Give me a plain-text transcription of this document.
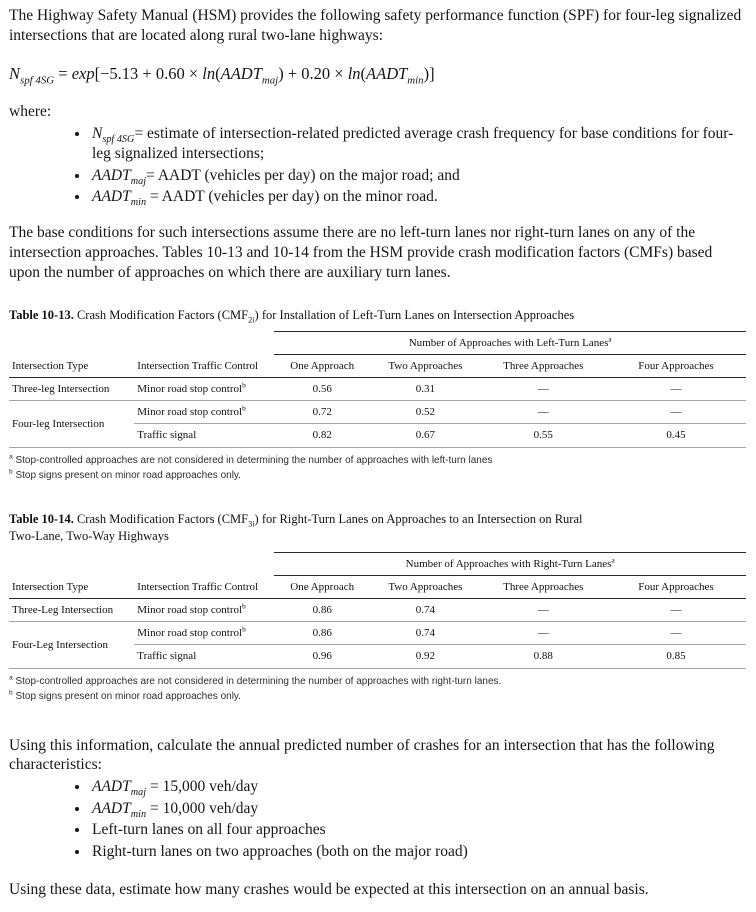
The Highway Safety Manual (HSM) provides the following safety performance function (SPF) for four-leg signalized intersections that are located along rural two-lane highways:

$N_{spf 4SG} = \exp[-5.13 + 0.60$ × $\ln(AADT_{maj}) + 0.20$ × $\ln(AADT_{min})$]

where:

• $N_{spf 4SG}=$ estimate of intersection-related predicted average crash frequency for base conditions for four-leg signalized intersections;
• $AADT_{maj}=$ AADT (vehicles per day) on the major road; and
• $AADT_{min}$ = AADT (vehicles per day) on the minor road.

The base conditions for such intersections assume there are no left-turn lanes nor right-turn lanes on any of the intersection approaches. Tables 10-13 and 10-14 from the HSM provide crash modification factors (CMFs) based upon the number of approaches on which there are auxiliary turn lanes.

Table 10-13. Crash Modification Factors $(CMF_{2i})$ for Installation of Left-Turn Lanes on Intersection Approaches

		Number of Approaches with Left-Turn Lanes$^a$
Intersection Type	Intersection Traffic Control	One Approach	Two Approaches	Three Approaches	Four Approaches
Three-leg Intersection	Minor road stop control$^b$	0.56	0.31	—	—
Four-leg Intersection	Minor road stop control$^b$	0.72	0.52	—	—
	Traffic signal	0.82	0.67	0.55	0.45

$^a$ Stop-controlled approaches are not considered in determining the number of approaches with left-turn lanes

$^b$ Stop signs present on minor road approaches only.

Table 10-14. Crash Modification Factors $(CMF_{3i})$ for Right-Turn Lanes on Approaches to an Intersection on Rural
Two-Lane, Two-Way Highways

		Number of Approaches with Right-Turn Lanes$^a$
Intersection Type	Intersection Traffic Control	One Approach	Two Approaches	Three Approaches	Four Approaches
Three-Leg Intersection	Minor road stop control$^b$	0.86	0.74	—	—
Four-Leg Intersection	Minor road stop control$^b$	0.86	0.74	—	—
	Traffic signal	0.96	0.92	0.88	0.85

$^a$ Stop-controlled approaches are not considered in determining the number of approaches with right-turn lanes.

$^b$ Stop signs present on minor road approaches only.

Using this information, calculate the annual predicted number of crashes for an intersection that has the following characteristics:

• $AADT_{maj} = 15,000$ veh/day
• $AADT_{min} = 10,000$ veh/day
• Left-turn lanes on all four approaches
• Right-turn lanes on two approaches (both on the major road)

Using these data, estimate how many crashes would be expected at this intersection on an annual basis.
